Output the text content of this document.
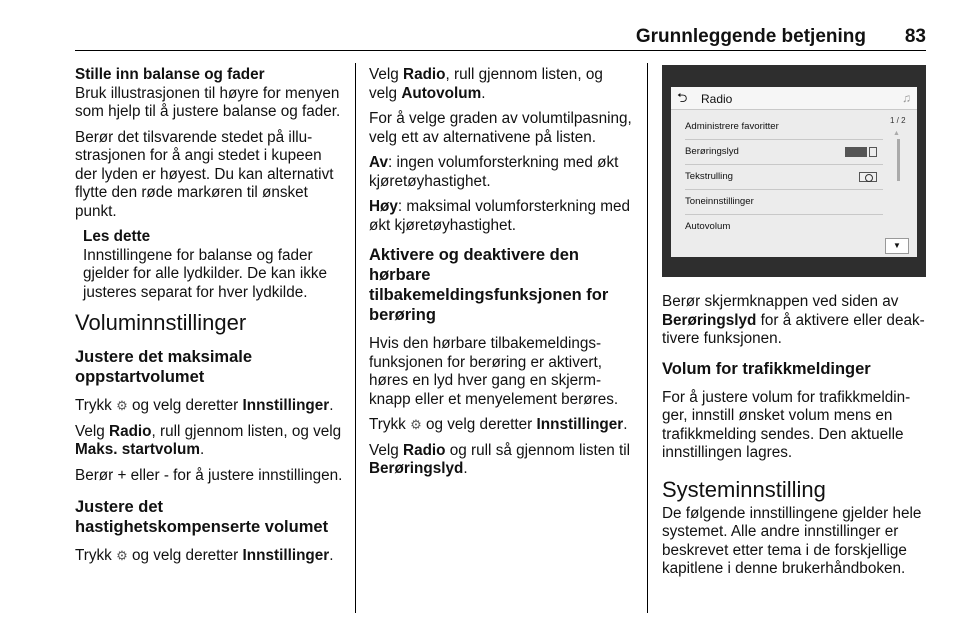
Grunnleggende betjening 83
Stille inn balanse og fader

Bruk illustrasjonen til høyre for menyen som hjelp til å justere balanse og fader.

Berør det tilsvarende stedet på illustrasjonen for å angi stedet i kupeen der lyden er høyest. Du kan alternativt flytte den røde markøren til ønsket punkt.

Les dette
Innstillingene for balanse og fader gjelder for alle lydkilder. De kan ikke justeres separat for hver lydkilde.
Voluminnstillinger
Justere det maksimale oppstartvolumet

Trykk ⚙ og velg deretter Innstillinger.

Velg Radio, rull gjennom listen, og velg Maks. startvolum.

Berør + eller - for å justere innstillingen.

Justere det hastighetskompenserte volumet

Trykk ⚙ og velg deretter Innstillinger.

Velg Radio, rull gjennom listen, og velg Autovolum.

For å velge graden av volumtilpasning, velg ett av alternativene på listen.

Av: ingen volumforsterkning med økt kjøretøyhastighet.

Høy: maksimal volumforsterkning med økt kjøretøyhastighet.

Aktivere og deaktivere den hørbare tilbakemeldingsfunksjonen for berøring

Hvis den hørbare tilbakemeldingsfunksjonen for berøring er aktivert, høres en lyd hver gang en skjermknapp eller et menyelement berøres.

Trykk ⚙ og velg deretter Innstillinger.

Velg Radio og rull så gjennom listen til Berøringslyd.

⮌ Radio	♫
Administrere favoritter
Berøringslyd
Tekstrulling
Toneinnstillinger
Autovolum
1 / 2
▲
▼

Berør skjermknappen ved siden av Berøringslyd for å aktivere eller deaktivere funksjonen.

Volum for trafikkmeldinger

For å justere volum for trafikkmeldinger, innstill ønsket volum mens en trafikkmelding sendes. Den aktuelle innstillingen lagres.

Systeminnstilling

De følgende innstillingene gjelder hele systemet. Alle andre innstillinger er beskrevet etter tema i de forskjellige kapitlene i denne brukerhåndboken.
